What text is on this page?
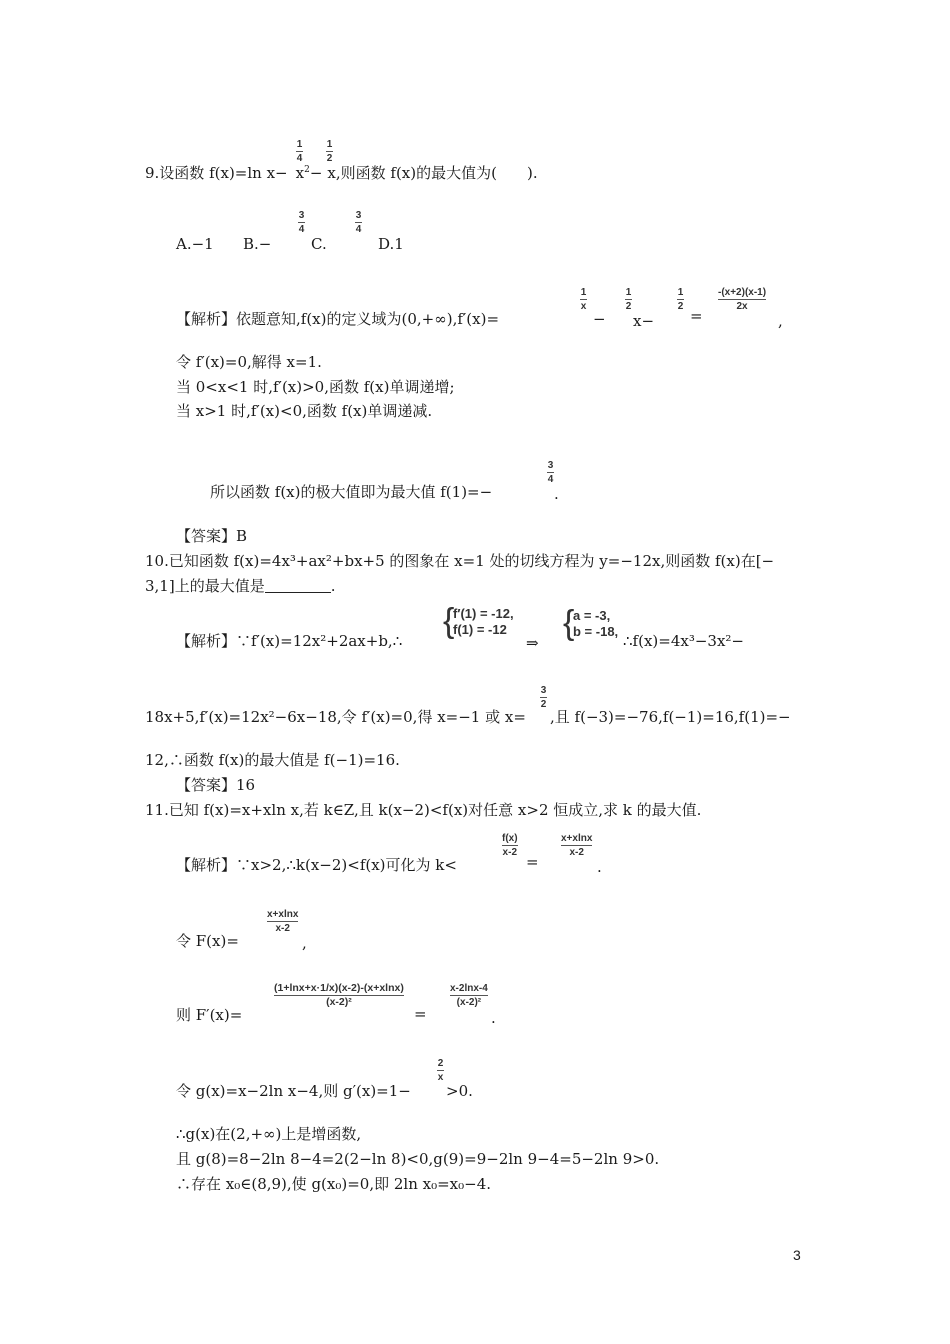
9.设函数 f(x)=ln $x- x^2- x$,则函数 f(x)的最大值为(　　).
1
4
1
2
A.−1 B.−
3
4
C.
3
4
D.1
【解析】依题意知,f(x)的定义域为(0,+∞),f′(x)=
1
x
−
1
2
x−
1
2
=
-(x+2)(x-1)
2x
,
令 f′(x)=0,解得 x=1.
当 0<x<1 时,f′(x)>0,函数 f(x)单调递增;
当 x>1 时,f′(x)<0,函数 f(x)单调递减.
所以函数 f(x)的极大值即为最大值 f(1)=−
3
4
.
【答案】B
10.已知函数 f(x)=4x³+ax²+bx+5 的图象在 x=1 处的切线方程为 y=−12x,则函数 f(x)在[−
3,1]上的最大值是	.
【解析】∵f′(x)=12x²+2ax+b,∴
{
f′(1) = -12,
f(1) = -12
⇒
{
a = -3,
b = -18,
∴f(x)=4x³−3x²−
18x+5,f′(x)=12x²−6x−18,令 f′(x)=0,得 x=−1 或 x=
3
2
,且 f(−3)=−76,f(−1)=16,f(1)=−
12,∴函数 f(x)的最大值是 f(−1)=16.
【答案】16
11.已知 f(x)=x+xln x,若 k∈Z,且 k(x−2)<f(x)对任意 x>2 恒成立,求 k 的最大值.
【解析】∵x>2,∴k(x−2)<f(x)可化为 k<
f(x)
x-2
=
x+xlnx
x-2
.
令 F(x)=
x+xlnx
x-2
,
则 F′(x)=
(1+lnx+x·1/x)(x-2)-(x+xlnx)
(x-2)²
=
x-2lnx-4
(x-2)²
.
令 g(x)=x−2ln x−4,则 g′(x)=1−
2
x
>0.
∴g(x)在(2,+∞)上是增函数,
且 g(8)=8−2ln 8−4=2(2−ln 8)<0,g(9)=9−2ln 9−4=5−2ln 9>0.
∴存在 x₀∈(8,9),使 g(x₀)=0,即 2ln x₀=x₀−4.
3
